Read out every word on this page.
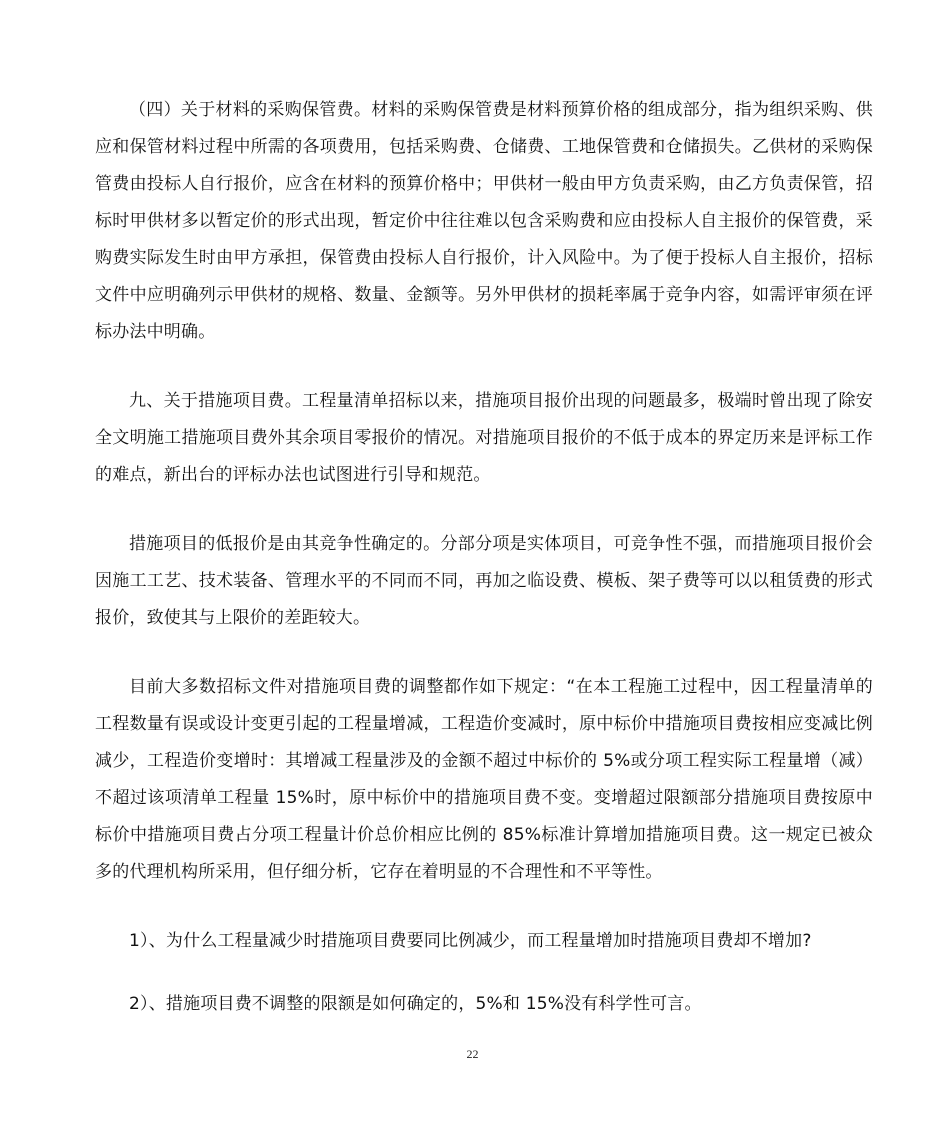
（四）关于材料的采购保管费。材料的采购保管费是材料预算价格的组成部分，指为组织采购、供应和保管材料过程中所需的各项费用，包括采购费、仓储费、工地保管费和仓储损失。乙供材的采购保管费由投标人自行报价，应含在材料的预算价格中；甲供材一般由甲方负责采购，由乙方负责保管，招标时甲供材多以暂定价的形式出现，暂定价中往往难以包含采购费和应由投标人自主报价的保管费，采购费实际发生时由甲方承担，保管费由投标人自行报价，计入风险中。为了便于投标人自主报价，招标文件中应明确列示甲供材的规格、数量、金额等。另外甲供材的损耗率属于竞争内容，如需评审须在评标办法中明确。

九、关于措施项目费。工程量清单招标以来，措施项目报价出现的问题最多，极端时曾出现了除安全文明施工措施项目费外其余项目零报价的情况。对措施项目报价的不低于成本的界定历来是评标工作的难点，新出台的评标办法也试图进行引导和规范。

措施项目的低报价是由其竞争性确定的。分部分项是实体项目，可竞争性不强，而措施项目报价会因施工工艺、技术装备、管理水平的不同而不同，再加之临设费、模板、架子费等可以以租赁费的形式报价，致使其与上限价的差距较大。

目前大多数招标文件对措施项目费的调整都作如下规定：“在本工程施工过程中，因工程量清单的工程数量有误或设计变更引起的工程量增减，工程造价变减时，原中标价中措施项目费按相应变减比例减少，工程造价变增时：其增减工程量涉及的金额不超过中标价的 5%或分项工程实际工程量增（减）不超过该项清单工程量 15%时，原中标价中的措施项目费不变。变增超过限额部分措施项目费按原中标价中措施项目费占分项工程量计价总价相应比例的 85%标准计算增加措施项目费。这一规定已被众多的代理机构所采用，但仔细分析，它存在着明显的不合理性和不平等性。

1）、为什么工程量减少时措施项目费要同比例减少，而工程量增加时措施项目费却不增加?

2）、措施项目费不调整的限额是如何确定的，5%和 15%没有科学性可言。

22
